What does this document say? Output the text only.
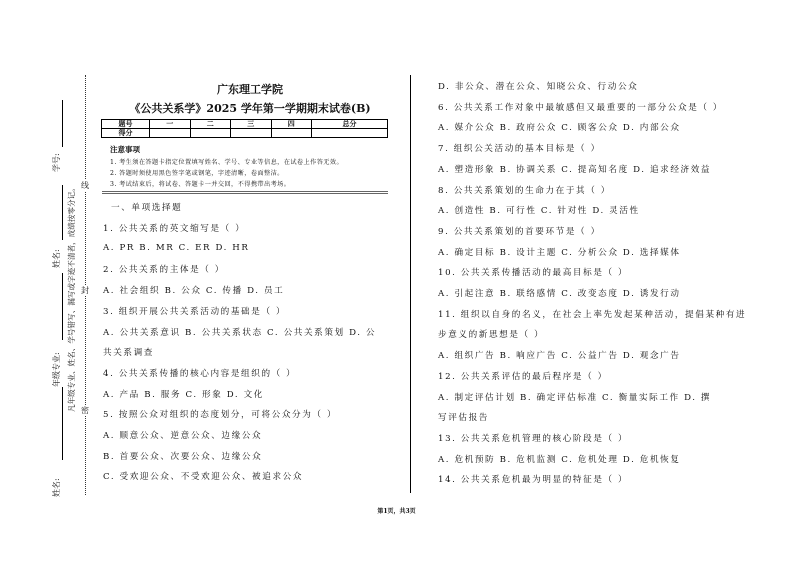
学号:
姓名:
年级专业:
姓名:
凡年级专业、姓名、学号错写、漏写或字迹不清者，成绩按零分记。 线
封
密
广东理工学院
《公共关系学》2025 学年第一学期期末试卷(B)
题号	一	二	三	四	总分
得分					
注意事项
1. 考生须在答题卡指定位置填写姓名、学号、专业等信息，在试卷上作答无效。
2. 答题时须使用黑色签字笔或钢笔，字迹清晰，卷面整洁。
3. 考试结束后，将试卷、答题卡一并交回，不得携带出考场。
一、单项选择题
1. 公共关系的英文缩写是（ ）
A. PR B. MR C. ER D. HR
2. 公共关系的主体是（ ）
A. 社会组织 B. 公众 C. 传播 D. 员工
3. 组织开展公共关系活动的基础是（ ）
A. 公共关系意识 B. 公共关系状态 C. 公共关系策划 D. 公
共关系调查
4. 公共关系传播的核心内容是组织的（ ）
A. 产品 B. 服务 C. 形象 D. 文化
5. 按照公众对组织的态度划分，可将公众分为（ ）
A. 顺意公众、逆意公众、边缘公众
B. 首要公众、次要公众、边缘公众
C. 受欢迎公众、不受欢迎公众、被追求公众
D. 非公众、潜在公众、知晓公众、行动公众
6. 公共关系工作对象中最敏感但又最重要的一部分公众是（ ）
A. 媒介公众 B. 政府公众 C. 顾客公众 D. 内部公众
7. 组织公关活动的基本目标是（ ）
A. 塑造形象 B. 协调关系 C. 提高知名度 D. 追求经济效益
8. 公共关系策划的生命力在于其（ ）
A. 创造性 B. 可行性 C. 针对性 D. 灵活性
9. 公共关系策划的首要环节是（ ）
A. 确定目标 B. 设计主题 C. 分析公众 D. 选择媒体
10. 公共关系传播活动的最高目标是（ ）
A. 引起注意 B. 联络感情 C. 改变态度 D. 诱发行动
11. 组织以自身的名义，在社会上率先发起某种活动，提倡某种有进
步意义的新思想是（ ）
A. 组织广告 B. 响应广告 C. 公益广告 D. 观念广告
12. 公共关系评估的最后程序是（ ）
A. 制定评估计划 B. 确定评估标准 C. 衡量实际工作 D. 撰
写评估报告
13. 公共关系危机管理的核心阶段是（ ）
A. 危机预防 B. 危机监测 C. 危机处理 D. 危机恢复
14. 公共关系危机最为明显的特征是（ ）
第1页，共3页
